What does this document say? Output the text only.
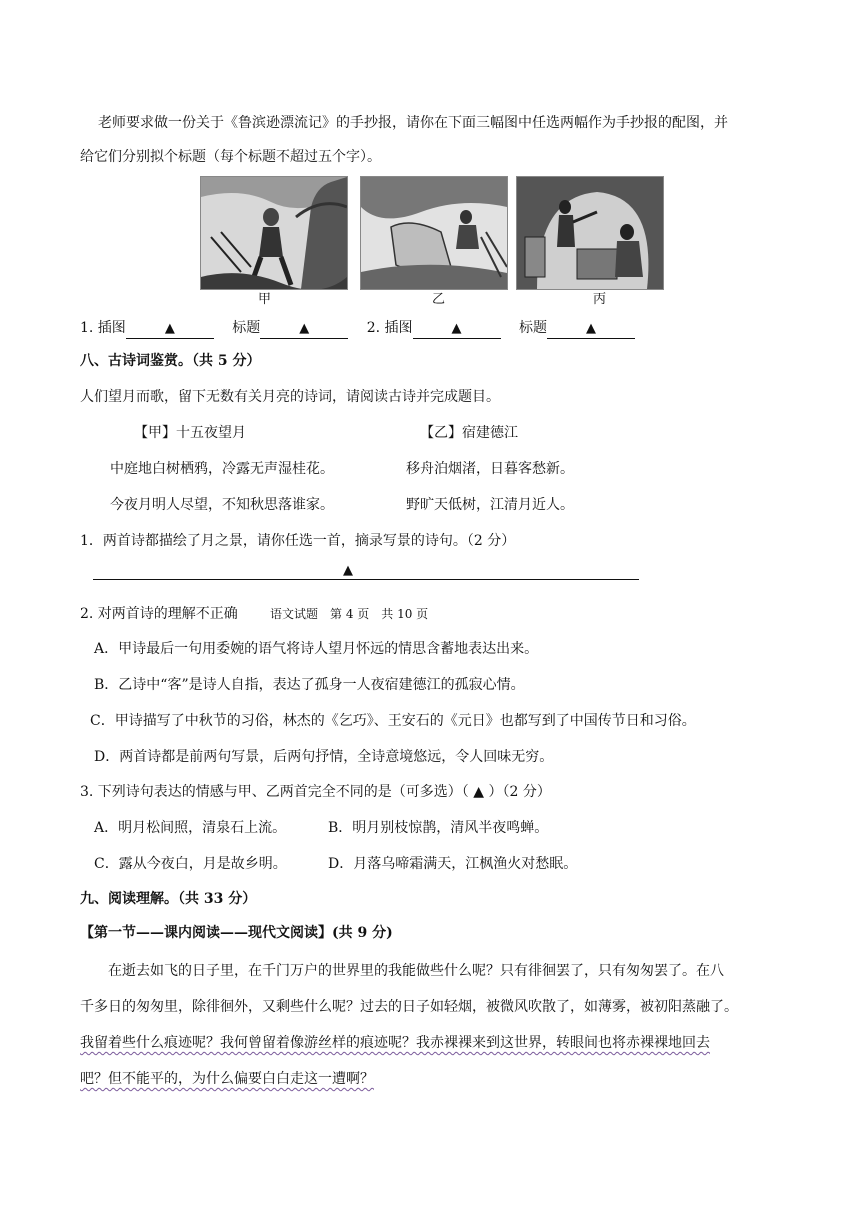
老师要求做一份关于《鲁滨逊漂流记》的手抄报，请你在下面三幅图中任选两幅作为手抄报的配图，并
给它们分别拟个标题（每个标题不超过五个字）。
甲	乙	丙
1. 插图	▲	标题	▲	2. 插图	▲	标题	▲
八、古诗词鉴赏。（共 5 分）
人们望月而歌，留下无数有关月亮的诗词，请阅读古诗并完成题目。
【甲】十五夜望月
中庭地白树栖鸦，冷露无声湿桂花。
今夜月明人尽望，不知秋思落谁家。
【乙】宿建德江
移舟泊烟渚，日暮客愁新。
野旷天低树，江清月近人。
1．两首诗都描绘了月之景，请你任选一首，摘录写景的诗句。（2 分）
▲
2. 对两首诗的理解不正确	语文试题　第 4 页　共 10 页
A．甲诗最后一句用委婉的语气将诗人望月怀远的情思含蓄地表达出来。
B．乙诗中“客”是诗人自指，表达了孤身一人夜宿建德江的孤寂心情。
C．甲诗描写了中秋节的习俗，林杰的《乞巧》、王安石的《元日》也都写到了中国传节日和习俗。
D．两首诗都是前两句写景，后两句抒情，全诗意境悠远，令人回味无穷。
3. 下列诗句表达的情感与甲、乙两首完全不同的是（可多选）（ ▲ ）（2 分）
A．明月松间照，清泉石上流。	B．明月别枝惊鹊，清风半夜鸣蝉。
C．露从今夜白，月是故乡明。	D．月落乌啼霜满天，江枫渔火对愁眠。
九、阅读理解。（共 33 分）
【第一节——课内阅读——现代文阅读】(共 9 分)
在逝去如飞的日子里，在千门万户的世界里的我能做些什么呢？只有徘徊罢了，只有匆匆罢了。在八
千多日的匆匆里，除徘徊外，又剩些什么呢？过去的日子如轻烟，被微风吹散了，如薄雾，被初阳蒸融了。
我留着些什么痕迹呢？我何曾留着像游丝样的痕迹呢？我赤裸裸来到这世界，转眼间也将赤裸裸地回去
吧？但不能平的，为什么偏要白白走这一遭啊？
